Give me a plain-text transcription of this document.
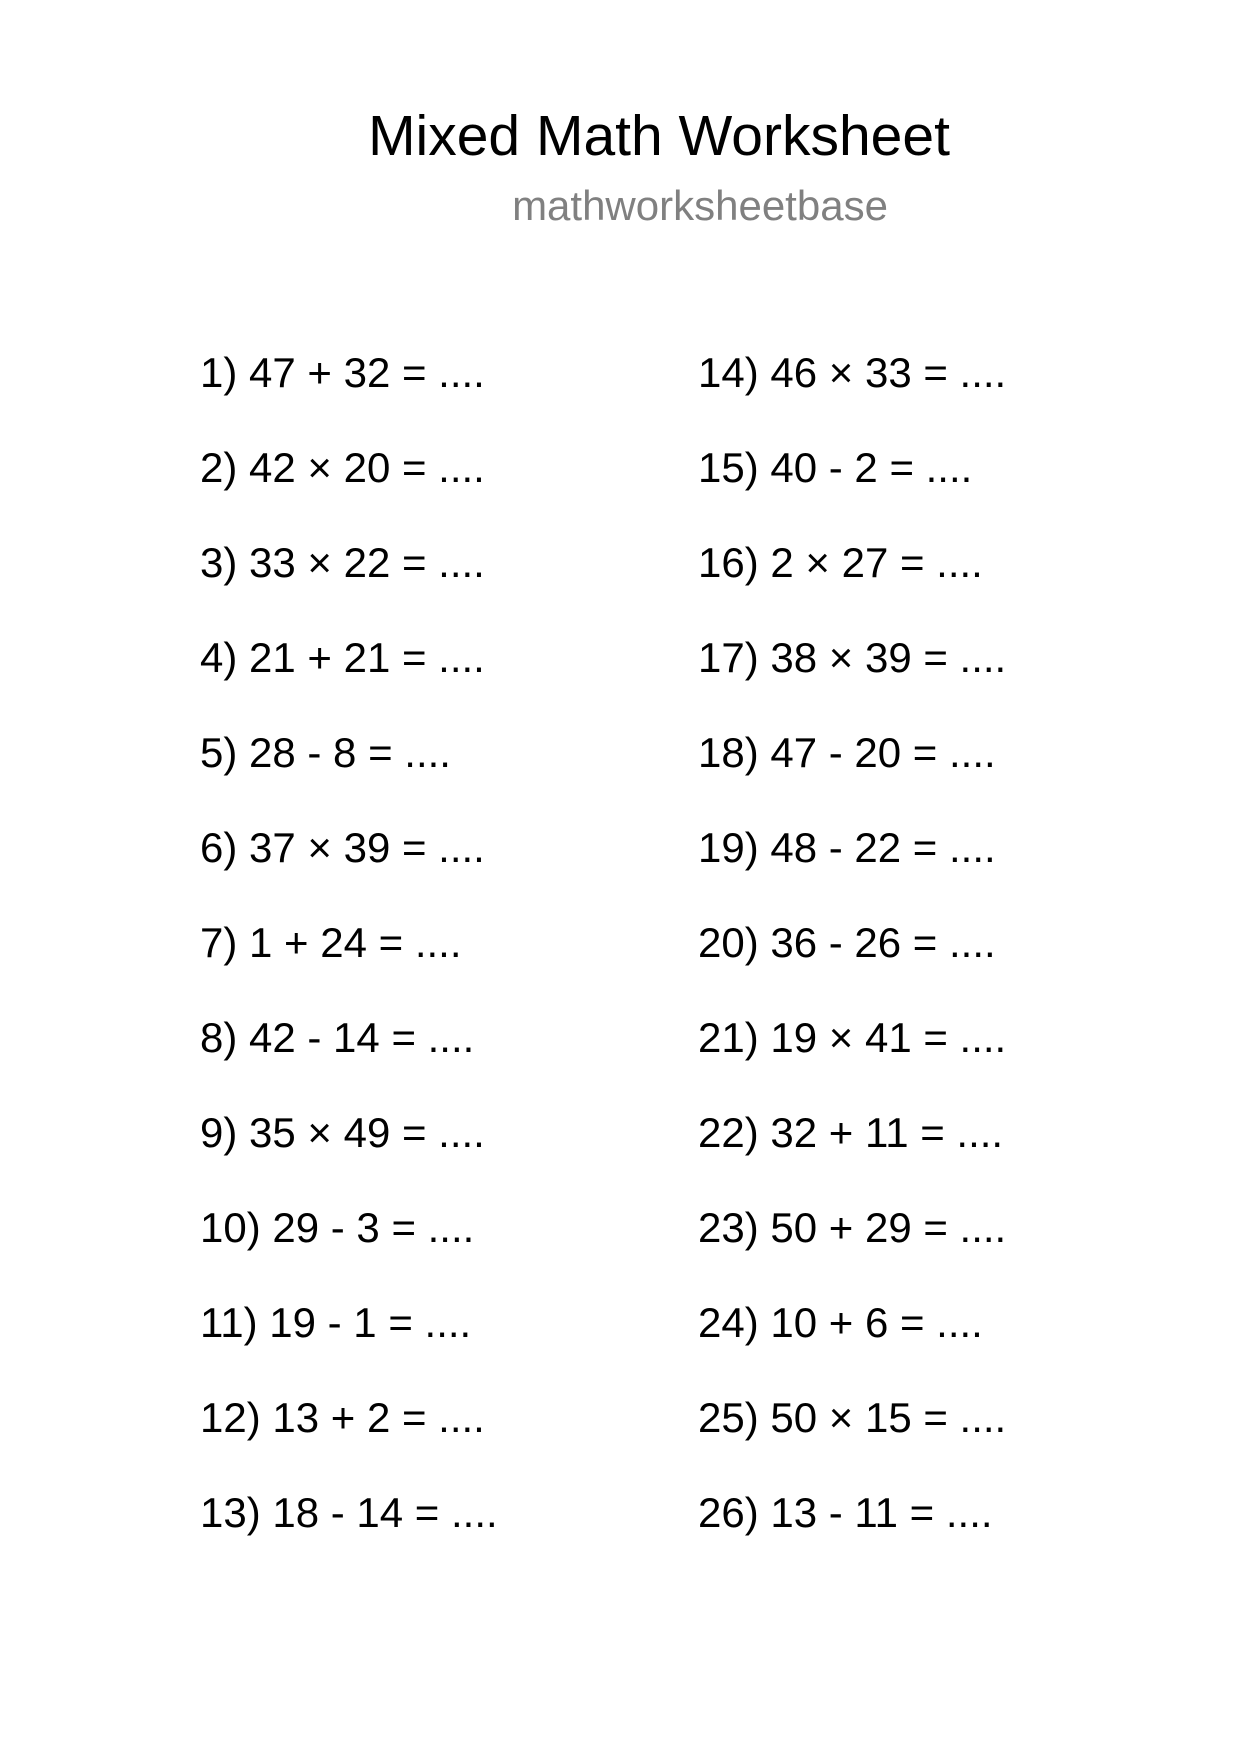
Mixed Math Worksheet
mathworksheetbase
1) 47 + 32 = ....
2) 42 × 20 = ....
3) 33 × 22 = ....
4) 21 + 21 = ....
5) 28 - 8 = ....
6) 37 × 39 = ....
7) 1 + 24 = ....
8) 42 - 14 = ....
9) 35 × 49 = ....
10) 29 - 3 = ....
11) 19 - 1 = ....
12) 13 + 2 = ....
13) 18 - 14 = ....
14) 46 × 33 = ....
15) 40 - 2 = ....
16) 2 × 27 = ....
17) 38 × 39 = ....
18) 47 - 20 = ....
19) 48 - 22 = ....
20) 36 - 26 = ....
21) 19 × 41 = ....
22) 32 + 11 = ....
23) 50 + 29 = ....
24) 10 + 6 = ....
25) 50 × 15 = ....
26) 13 - 11 = ....
